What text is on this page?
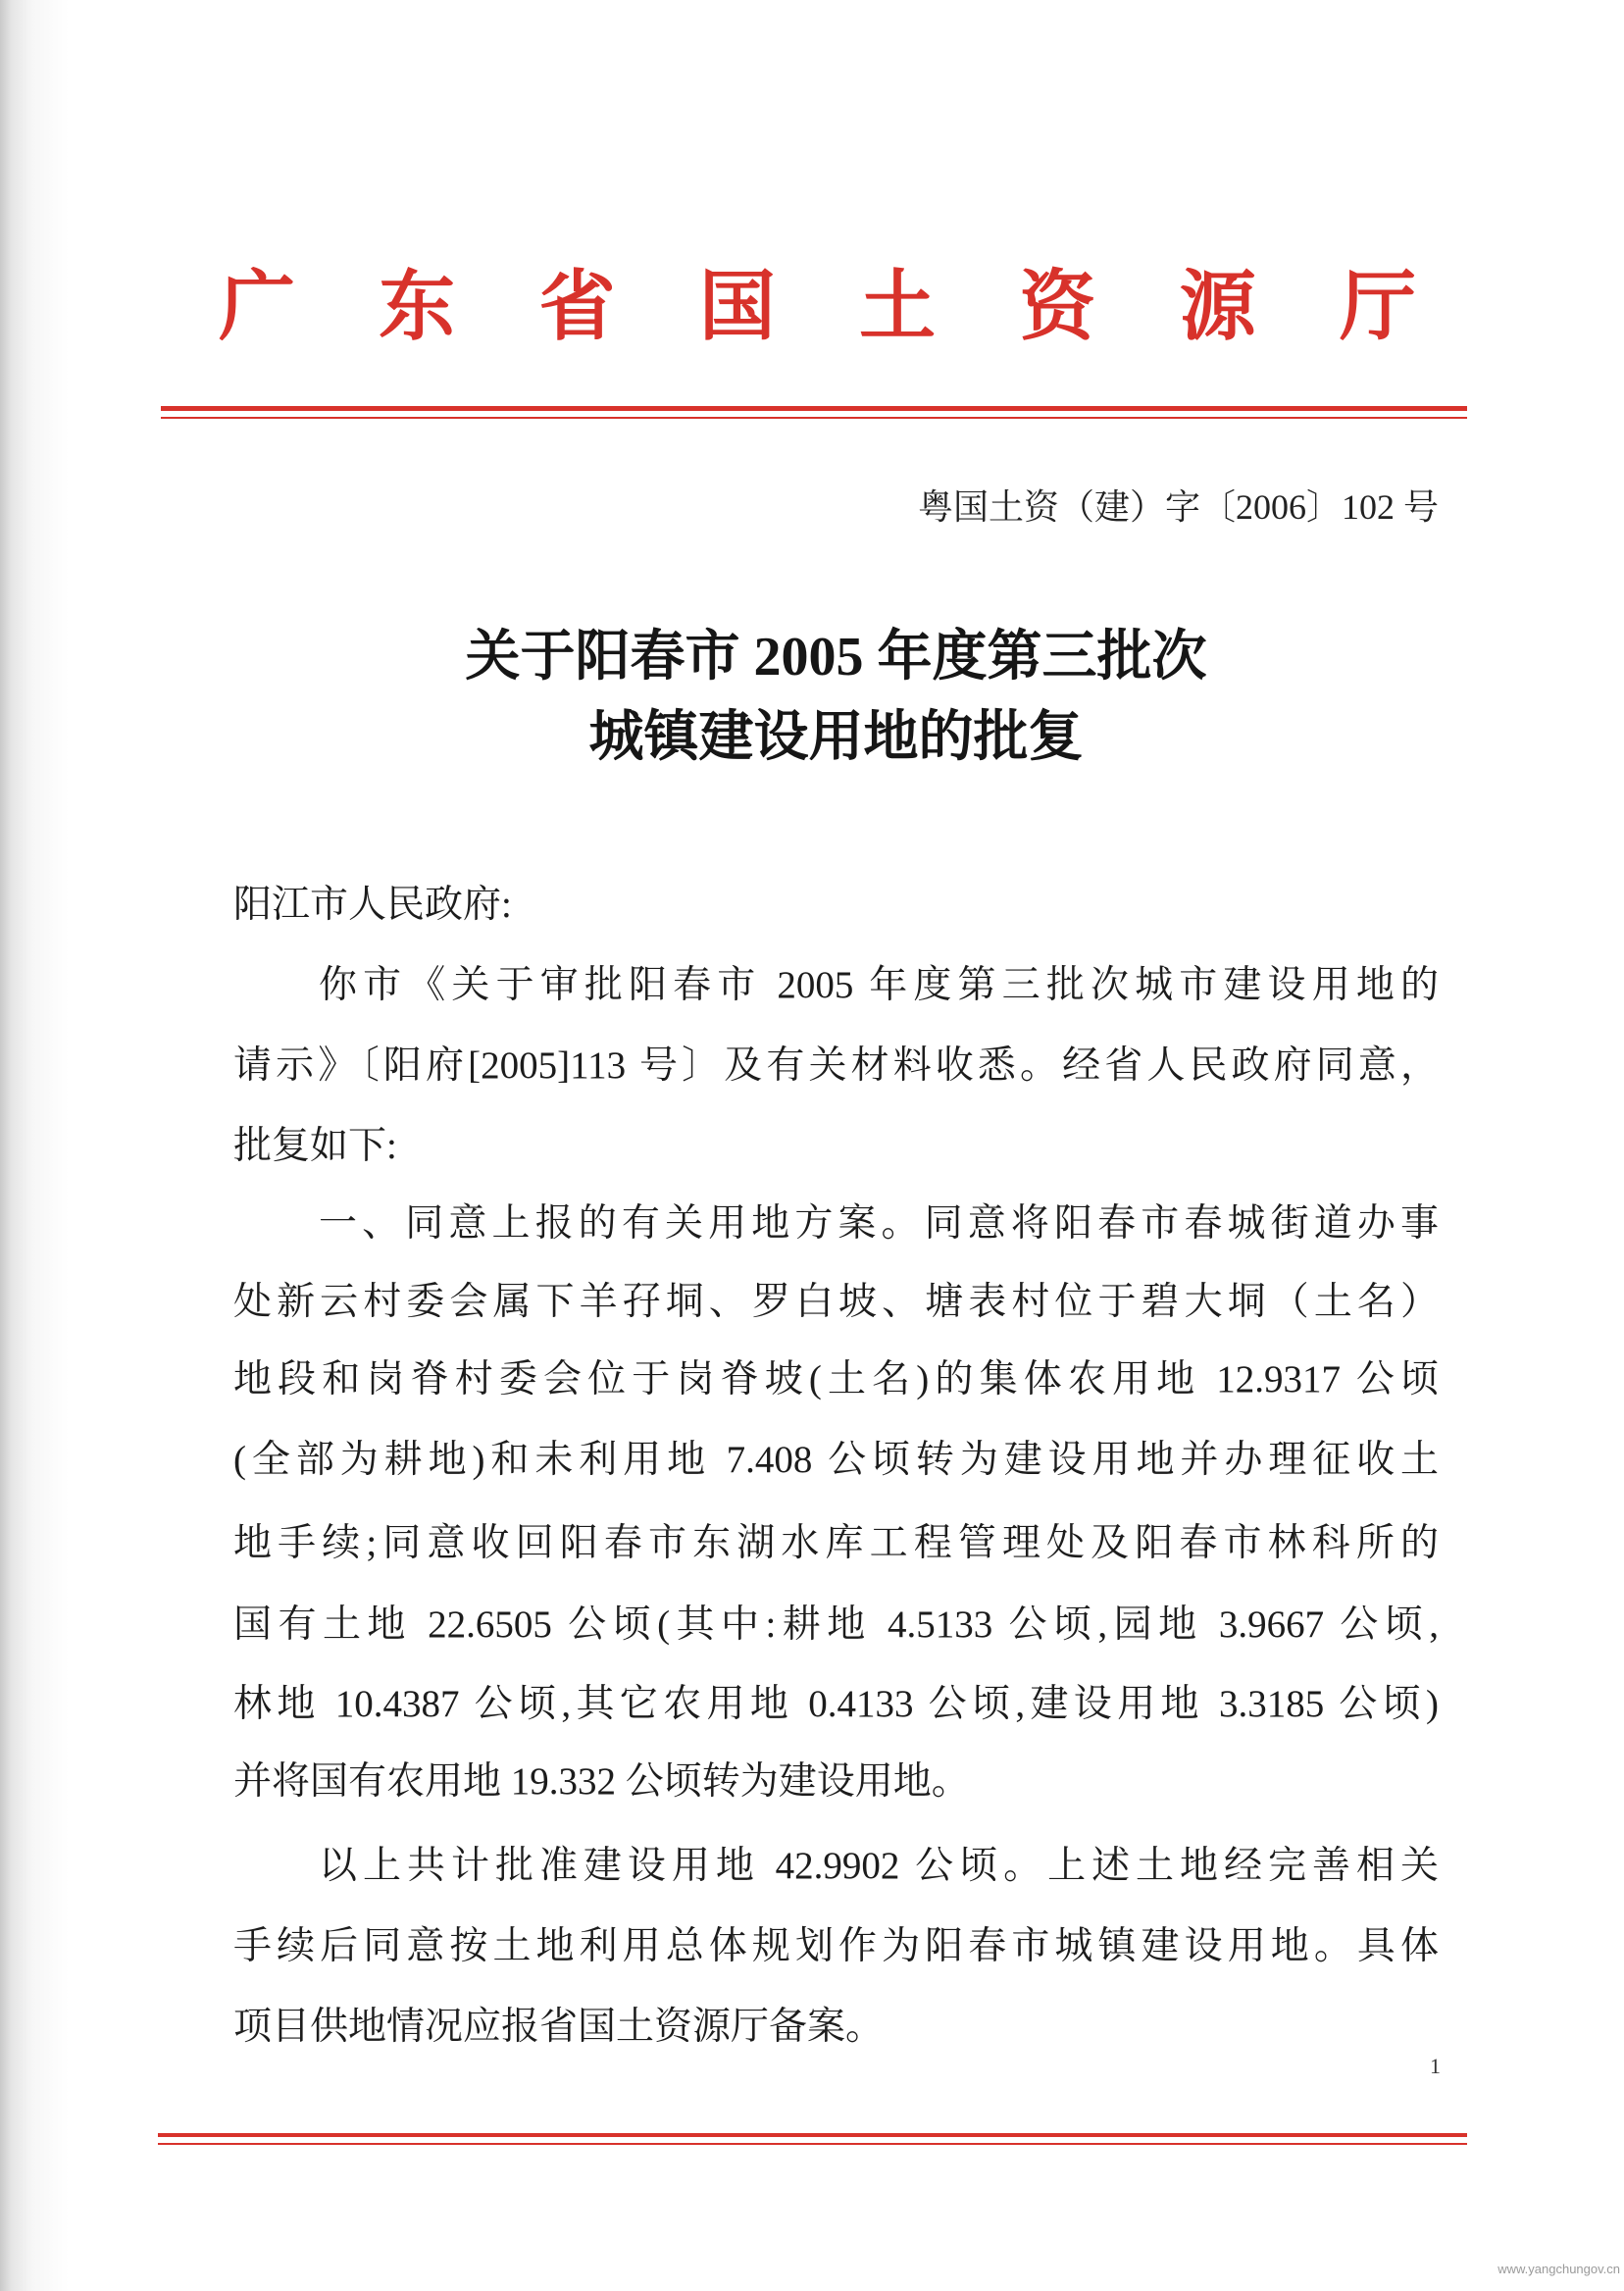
广东省国土资源厅
粤国土资（建）字〔2006〕102 号
关于阳春市 2005 年度第三批次
城镇建设用地的批复
阳江市人民政府:
你市《关于审批阳春市 2005 年度第三批次城市建设用地的
请示》〔阳府[2005]113 号〕及有关材料收悉。经省人民政府同意，
批复如下:
一、同意上报的有关用地方案。同意将阳春市春城街道办事
处新云村委会属下羊孖垌、罗白坡、塘表村位于碧大垌（土名）
地段和岗脊村委会位于岗脊坡(土名)的集体农用地 12.9317 公顷
(全部为耕地)和未利用地 7.408 公顷转为建设用地并办理征收土
地手续;同意收回阳春市东湖水库工程管理处及阳春市林科所的
国有土地 22.6505 公顷(其中:耕地 4.5133 公顷,园地 3.9667 公顷,
林地 10.4387 公顷,其它农用地 0.4133 公顷,建设用地 3.3185 公顷)
并将国有农用地 19.332 公顷转为建设用地。
以上共计批准建设用地 42.9902 公顷。上述土地经完善相关
手续后同意按土地利用总体规划作为阳春市城镇建设用地。具体
项目供地情况应报省国土资源厅备案。
1
www.yangchungov.cn
